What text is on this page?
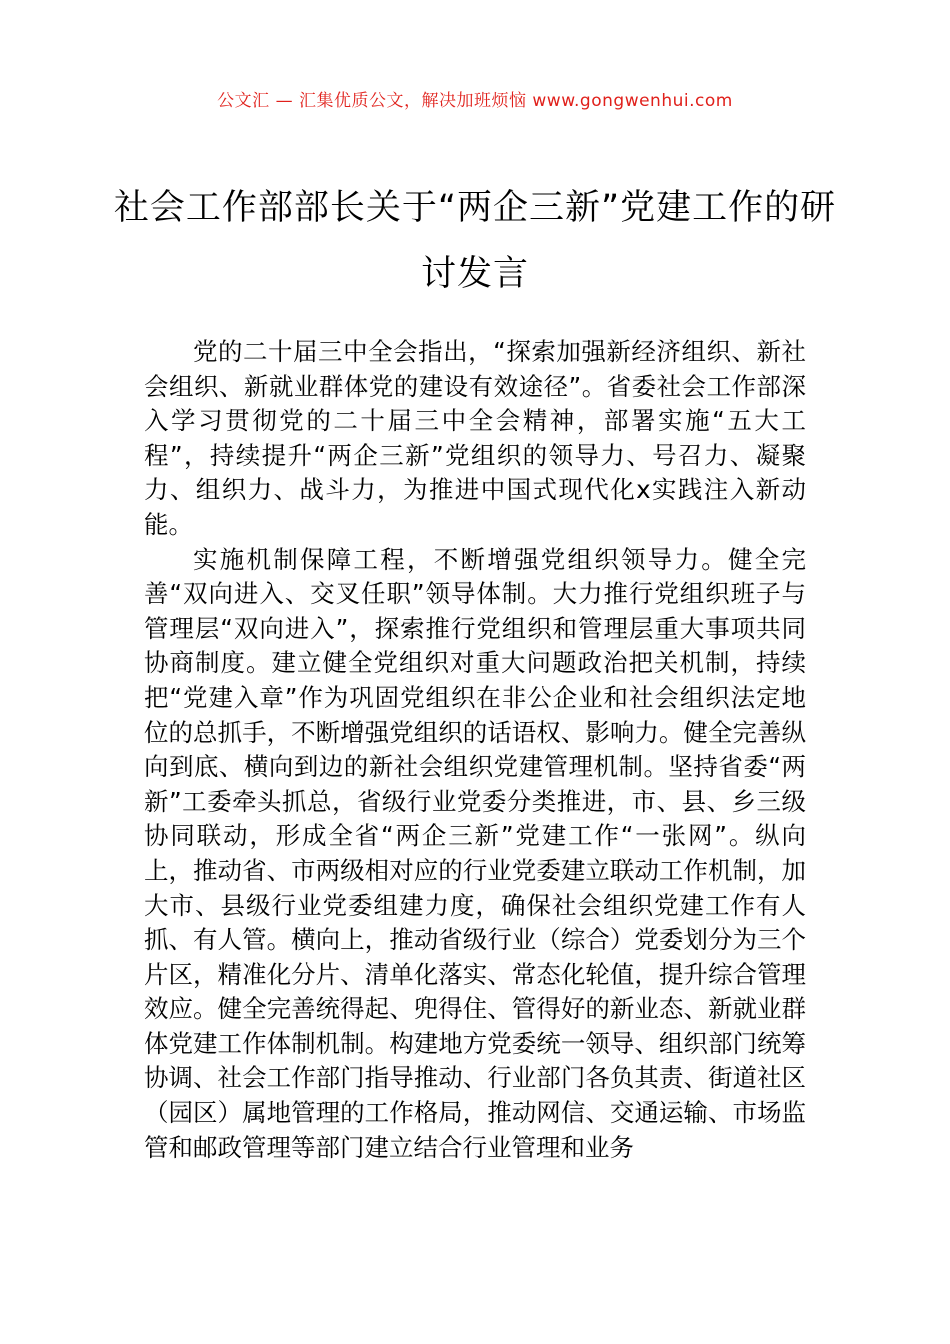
公文汇 — 汇集优质公文，解决加班烦恼 www.gongwenhui.com
社会工作部部长关于“两企三新”党建工作的研讨发言

党的二十届三中全会指出，“探索加强新经济组织、新社会组织、新就业群体党的建设有效途径”。省委社会工作部深入学习贯彻党的二十届三中全会精神，部署实施“五大工程”，持续提升“两企三新”党组织的领导力、号召力、凝聚力、组织力、战斗力，为推进中国式现代化x实践注入新动能。

实施机制保障工程，不断增强党组织领导力。健全完善“双向进入、交叉任职”领导体制。大力推行党组织班子与管理层“双向进入”，探索推行党组织和管理层重大事项共同协商制度。建立健全党组织对重大问题政治把关机制，持续把“党建入章”作为巩固党组织在非公企业和社会组织法定地位的总抓手，不断增强党组织的话语权、影响力。健全完善纵向到底、横向到边的新社会组织党建管理机制。坚持省委“两新”工委牵头抓总，省级行业党委分类推进，市、县、乡三级协同联动，形成全省“两企三新”党建工作“一张网”。纵向上，推动省、市两级相对应的行业党委建立联动工作机制，加大市、县级行业党委组建力度，确保社会组织党建工作有人抓、有人管。横向上，推动省级行业（综合）党委划分为三个片区，精准化分片、清单化落实、常态化轮值，提升综合管理效应。健全完善统得起、兜得住、管得好的新业态、新就业群体党建工作体制机制。构建地方党委统一领导、组织部门统筹协调、社会工作部门指导推动、行业部门各负其责、街道社区（园区）属地管理的工作格局，推动网信、交通运输、市场监管和邮政管理等部门建立结合行业管理和业务
